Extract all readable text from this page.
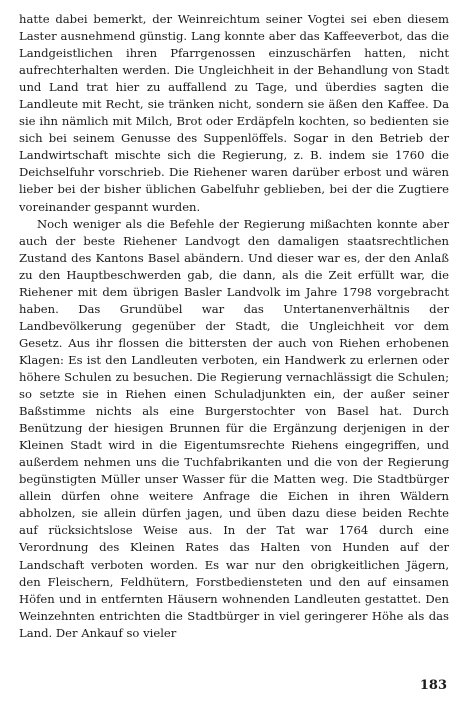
hatte dabei bemerkt, der Weinreichtum seiner Vogtei sei eben diesem Laster ausnehmend günstig. Lang konnte aber das Kaffeeverbot, das die Landgeistlichen ihren Pfarrgenossen einzuschärfen hatten, nicht aufrechterhalten werden. Die Ungleichheit in der Behandlung von Stadt und Land trat hier zu auffallend zu Tage, und überdies sagten die Landleute mit Recht, sie tränken nicht, sondern sie äßen den Kaffee. Da sie ihn nämlich mit Milch, Brot oder Erdäpfeln kochten, so bedienten sie sich bei seinem Genusse des Suppenlöffels. Sogar in den Betrieb der Landwirtschaft mischte sich die Regierung, z. B. indem sie 1760 die Deichselfuhr vorschrieb. Die Riehener waren darüber erbost und wären lieber bei der bisher üblichen Gabelfuhr geblieben, bei der die Zugtiere voreinander gespannt wurden.

Noch weniger als die Befehle der Regierung mißachten konnte aber auch der beste Riehener Landvogt den damaligen staatsrechtlichen Zustand des Kantons Basel abändern. Und dieser war es, der den Anlaß zu den Hauptbeschwerden gab, die dann, als die Zeit erfüllt war, die Riehener mit dem übrigen Basler Landvolk im Jahre 1798 vorgebracht haben. Das Grundübel war das Untertanenverhältnis der Landbevölkerung gegenüber der Stadt, die Ungleichheit vor dem Gesetz. Aus ihr flossen die bittersten der auch von Riehen erhobenen Klagen: Es ist den Landleuten verboten, ein Handwerk zu erlernen oder höhere Schulen zu besuchen. Die Regierung vernachlässigt die Schulen; so setzte sie in Riehen einen Schuladjunkten ein, der außer seiner Baßstimme nichts als eine Burgerstochter von Basel hat. Durch Benützung der hiesigen Brunnen für die Ergänzung derjenigen in der Kleinen Stadt wird in die Eigentumsrechte Riehens eingegriffen, und außerdem nehmen uns die Tuchfabrikanten und die von der Regierung begünstigten Müller unser Wasser für die Matten weg. Die Stadtbürger allein dürfen ohne weitere Anfrage die Eichen in ihren Wäldern abholzen, sie allein dürfen jagen, und üben dazu diese beiden Rechte auf rücksichtslose Weise aus. In der Tat war 1764 durch eine Verordnung des Kleinen Rates das Halten von Hunden auf der Landschaft verboten worden. Es war nur den obrigkeitlichen Jägern, den Fleischern, Feldhütern, Forstbediensteten und den auf einsamen Höfen und in entfernten Häusern wohnenden Landleuten gestattet. Den Weinzehnten entrichten die Stadtbürger in viel geringerer Höhe als das Land. Der Ankauf so vieler

183
